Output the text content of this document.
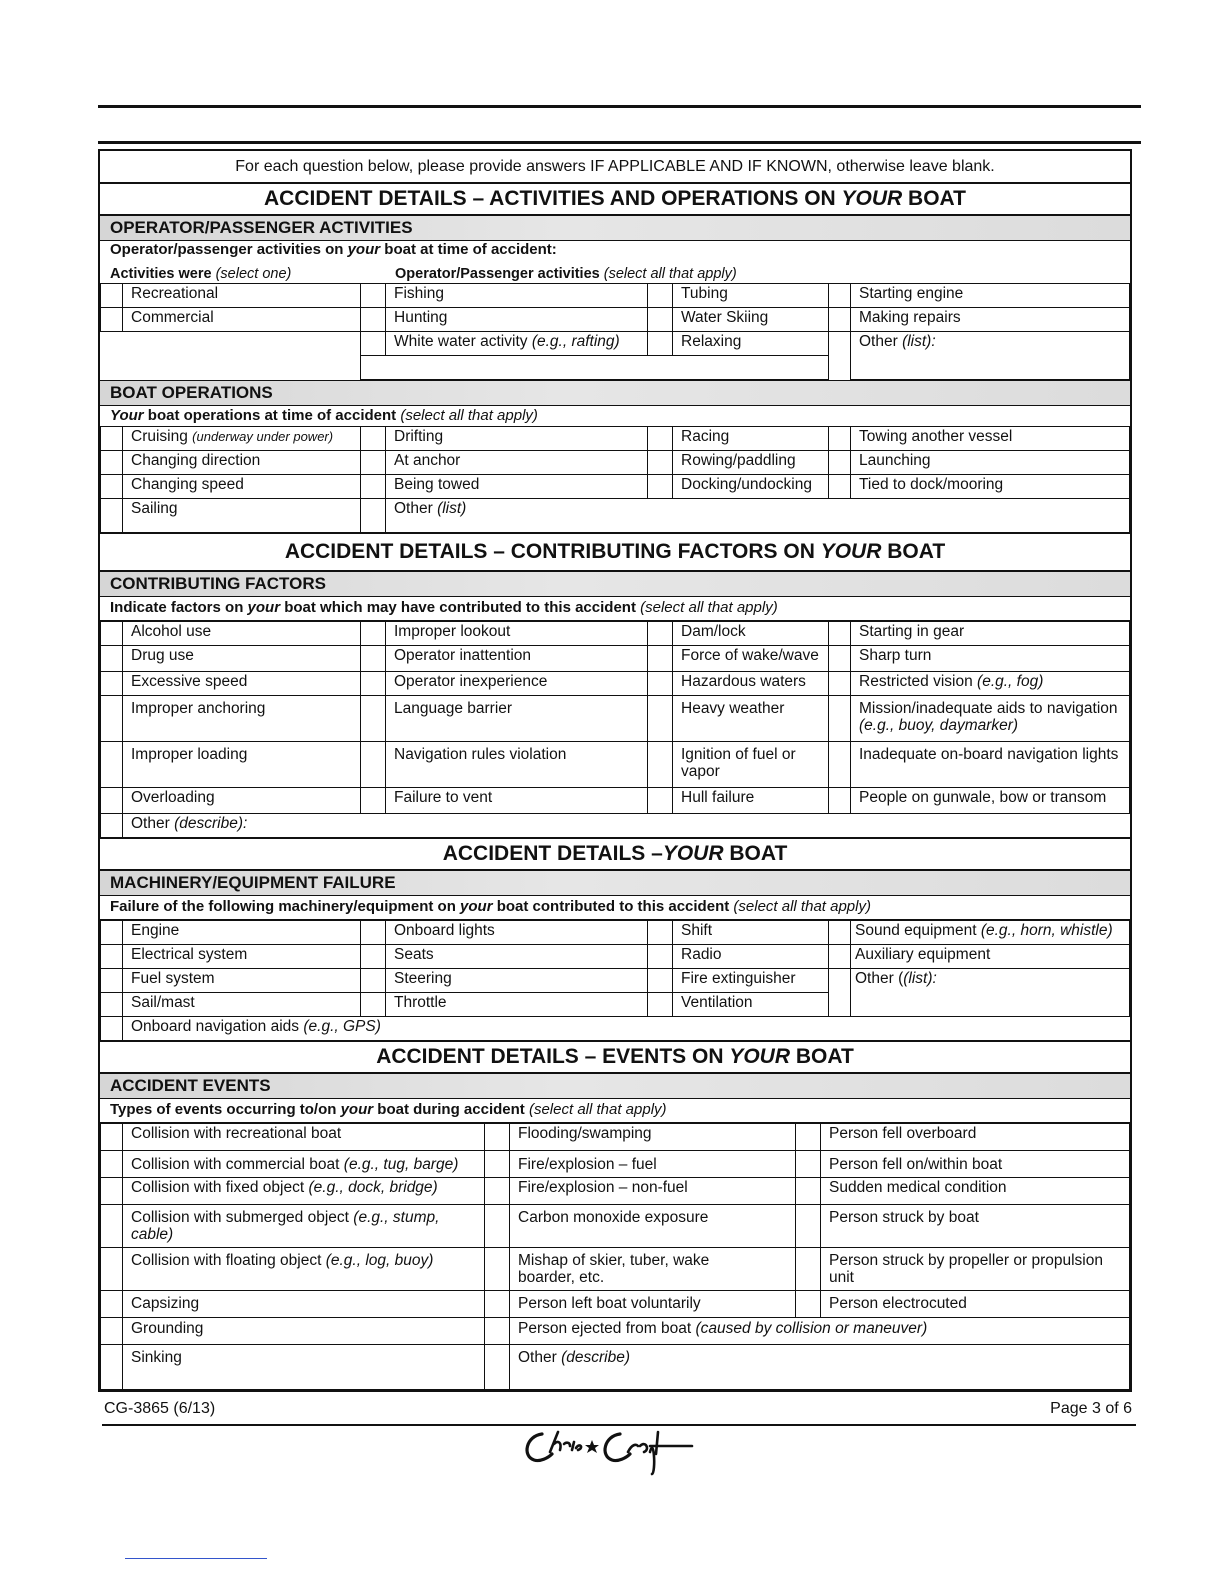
For each question below, please provide answers IF APPLICABLE AND IF KNOWN, otherwise leave blank.
ACCIDENT DETAILS – ACTIVITIES AND OPERATIONS ON YOUR BOAT
OPERATOR/PASSENGER ACTIVITIES
Operator/passenger activities on your boat at time of accident:
Activities were (select one)	Operator/Passenger activities (select all that apply)
	Recreational		Fishing		Tubing		Starting engine
	Commercial		Hunting		Water Skiing		Making repairs
			White water activity (e.g., rafting)		Relaxing		Other (list):

BOAT OPERATIONS
Your boat operations at time of accident (select all that apply)
	Cruising (underway under power)		Drifting		Racing		Towing another vessel
	Changing direction		At anchor		Rowing/paddling		Launching
	Changing speed		Being towed		Docking/undocking		Tied to dock/mooring
	Sailing		Other (list)				
ACCIDENT DETAILS – CONTRIBUTING FACTORS ON YOUR BOAT
CONTRIBUTING FACTORS
Indicate factors on your boat which may have contributed to this accident (select all that apply)
	Alcohol use		Improper lookout		Dam/lock		Starting in gear
	Drug use		Operator inattention		Force of wake/wave		Sharp turn
	Excessive speed		Operator inexperience		Hazardous waters		Restricted vision (e.g., fog)
	Improper anchoring		Language barrier		Heavy weather		Mission/inadequate aids to navigation (e.g., buoy, daymarker)
	Improper loading		Navigation rules violation		Ignition of fuel or vapor		Inadequate on-board navigation lights
	Overloading		Failure to vent		Hull failure		People on gunwale, bow or transom
	Other (describe):						
ACCIDENT DETAILS –YOUR BOAT
MACHINERY/EQUIPMENT FAILURE
Failure of the following machinery/equipment on your boat contributed to this accident (select all that apply)
	Engine		Onboard lights		Shift		Sound equipment (e.g., horn, whistle)
	Electrical system		Seats		Radio		Auxiliary equipment
	Fuel system		Steering		Fire extinguisher		Other ((list):
	Sail/mast		Throttle		Ventilation		
	Onboard navigation aids (e.g., GPS)						
ACCIDENT DETAILS – EVENTS ON YOUR BOAT
ACCIDENT EVENTS
Types of events occurring to/on your boat during accident (select all that apply)
	Collision with recreational boat		Flooding/swamping		Person fell overboard
	Collision with commercial boat (e.g., tug, barge)		Fire/explosion – fuel		Person fell on/within boat
	Collision with fixed object (e.g., dock, bridge)		Fire/explosion – non-fuel		Sudden medical condition
	Collision with submerged object (e.g., stump, cable)		Carbon monoxide exposure		Person struck by boat
	Collision with floating object (e.g., log, buoy)		Mishap of skier, tuber, wake boarder, etc.		Person struck by propeller or propulsion unit
	Capsizing		Person left boat voluntarily		Person electrocuted
	Grounding		Person ejected from boat (caused by collision or maneuver)		
	Sinking		Other (describe)		
CG-3865 (6/13)	Page 3 of 6
